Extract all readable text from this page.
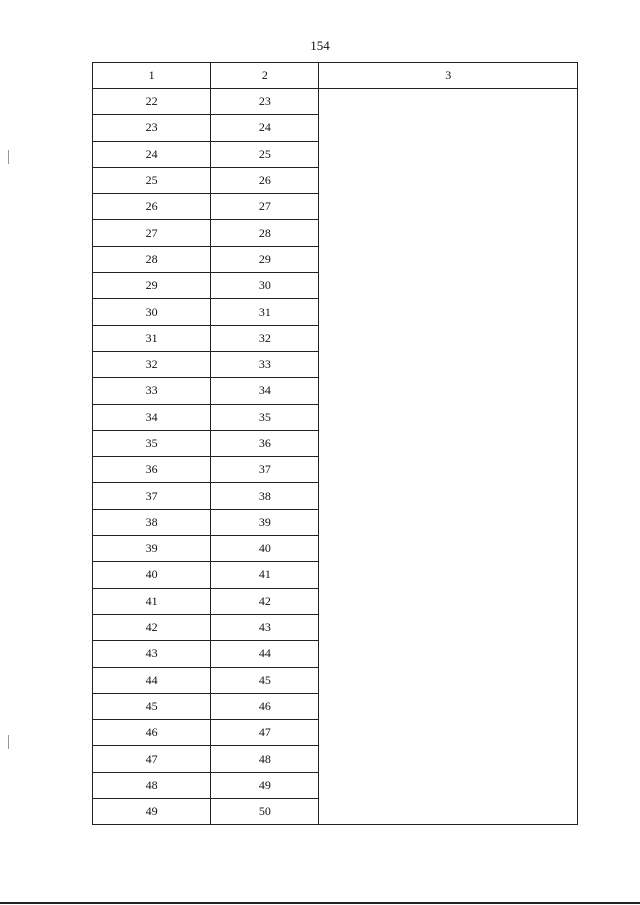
154
1	2	3
22	23	
23	24	
24	25	
25	26	
26	27	
27	28	
28	29	
29	30	
30	31	
31	32	
32	33	
33	34	
34	35	
35	36	
36	37	
37	38	
38	39	
39	40	
40	41	
41	42	
42	43	
43	44	
44	45	
45	46	
46	47	
47	48	
48	49	
49	50	
